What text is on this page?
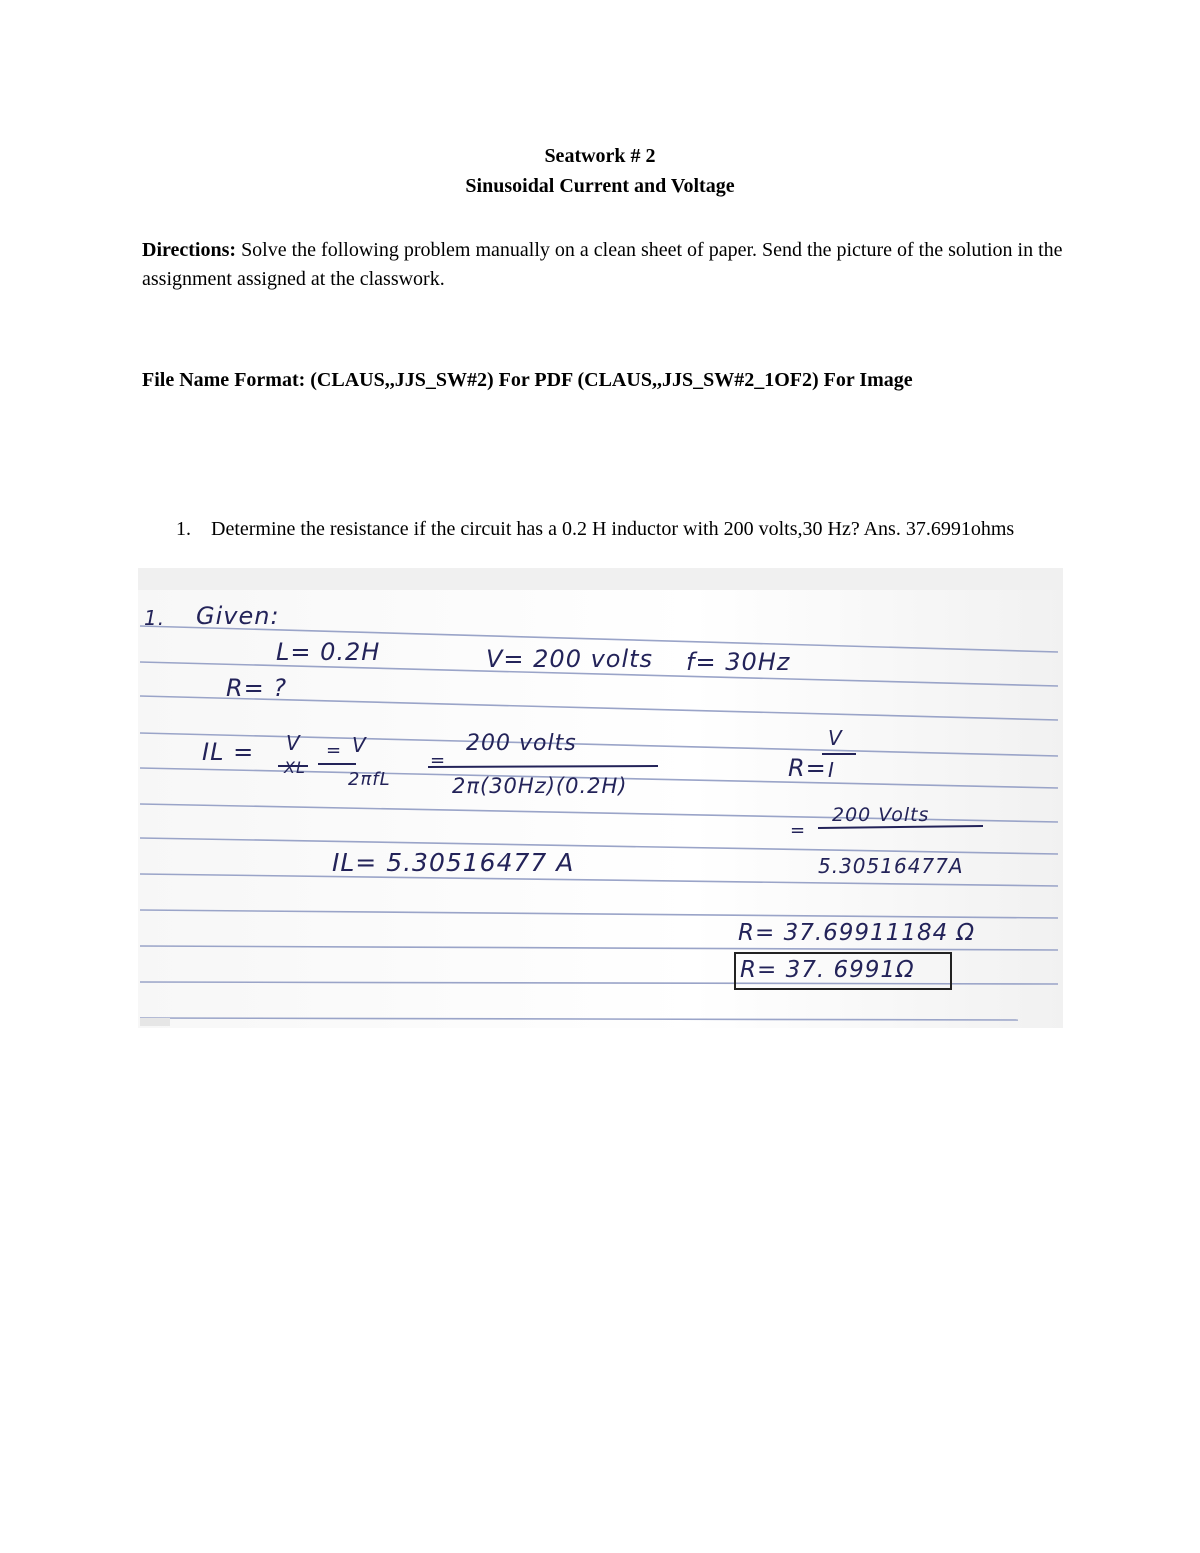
Seatwork # 2
Sinusoidal Current and Voltage
Directions: Solve the following problem manually on a clean sheet of paper. Send the picture of the solution in the assignment assigned at the classwork.
File Name Format: (CLAUS,,JJS_SW#2) For PDF (CLAUS,,JJS_SW#2_1OF2) For Image
1. Determine the resistance if the circuit has a 0.2 H inductor with 200 volts,30 Hz? Ans. 37.6991ohms
1. Given:
L= 0.2H	V= 200 volts f= 30Hz
R= ?
IL = V
XL
= V
2πfL
=
200 volts
2π(30Hz)(0.2H)
R=
V
I
=
200 Volts
5.30516477A
IL= 5.30516477 A
R= 37.69911184 Ω
R= 37. 6991Ω
